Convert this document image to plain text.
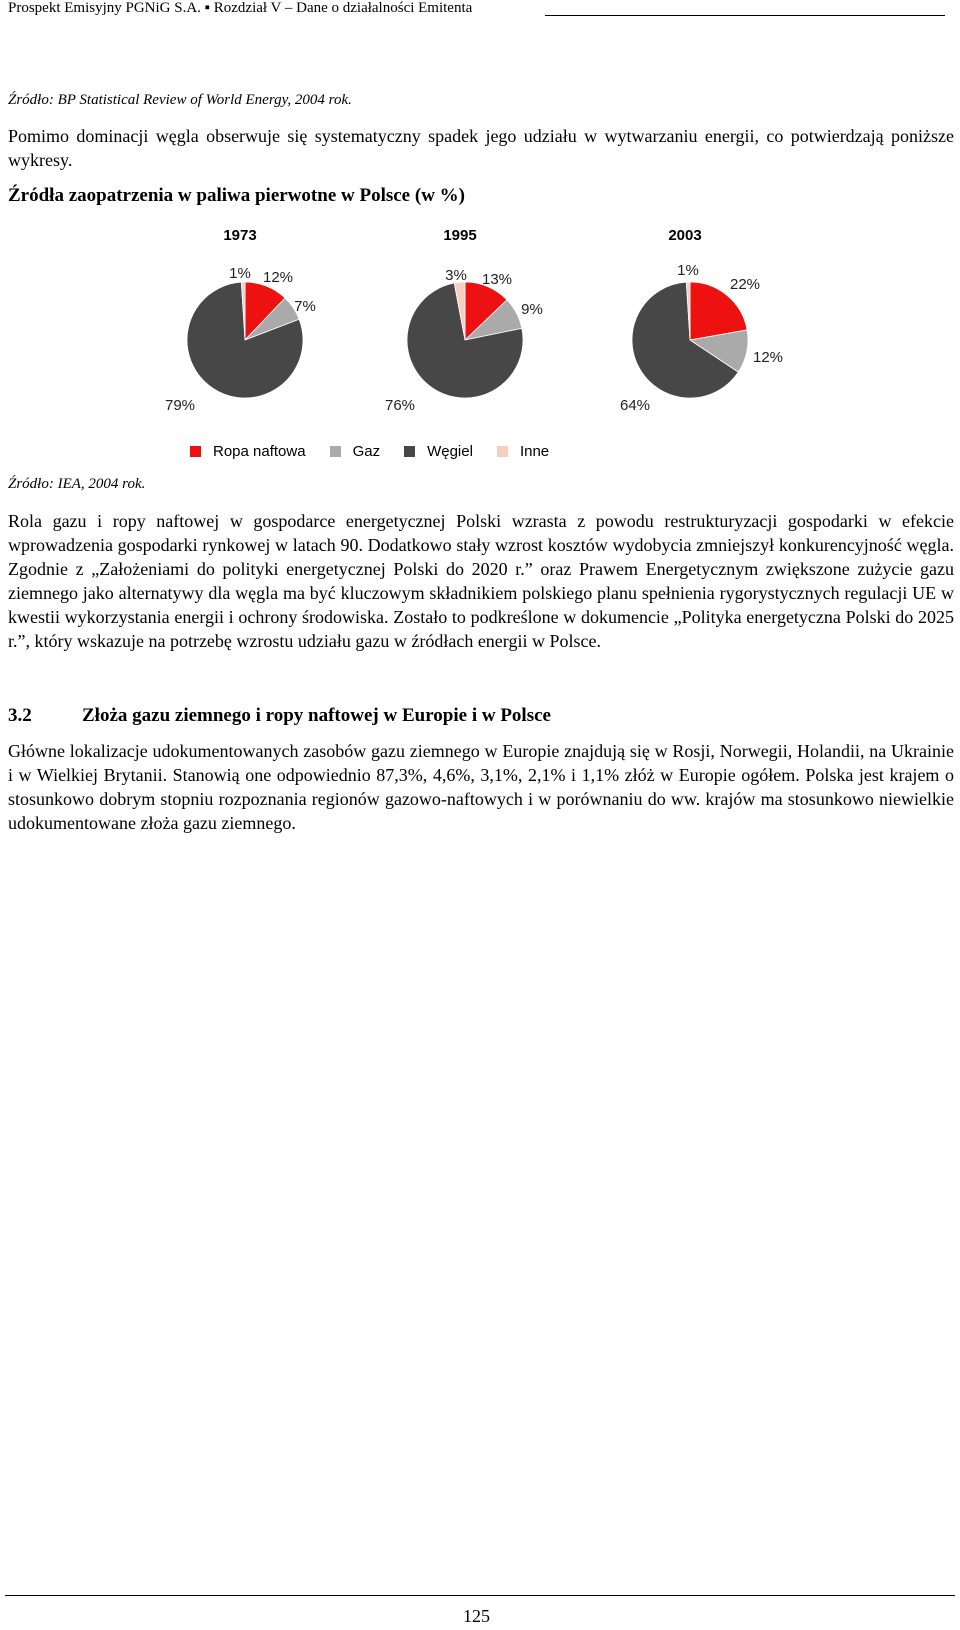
Prospekt Emisyjny PGNiG S.A. ▪ Rozdział V – Dane o działalności Emitenta
Źródło: BP Statistical Review of World Energy, 2004 rok.

Pomimo dominacji węgla obserwuje się systematyczny spadek jego udziału w wytwarzaniu energii, co potwierdzają poniższe wykresy.

Źródła zaopatrzenia w paliwa pierwotne w Polsce (w %)
1973
12%
7%
79%
1%
1995
13%
9%
76%
3%
2003
22%
12%
64%
1%
Ropa naftowa	Gaz	Węgiel	Inne
Źródło: IEA, 2004 rok.

Rola gazu i ropy naftowej w gospodarce energetycznej Polski wzrasta z powodu restrukturyzacji gospodarki w efekcie wprowadzenia gospodarki rynkowej w latach 90. Dodatkowo stały wzrost kosztów wydobycia zmniejszył konkurencyjność węgla. Zgodnie z „Założeniami do polityki energetycznej Polski do 2020 r.” oraz Prawem Energetycznym zwiększone zużycie gazu ziemnego jako alternatywy dla węgla ma być kluczowym składnikiem polskiego planu spełnienia rygorystycznych regulacji UE w kwestii wykorzystania energii i ochrony środowiska. Zostało to podkreślone w dokumencie „Polityka energetyczna Polski do 2025 r.”, który wskazuje na potrzebę wzrostu udziału gazu w źródłach energii w Polsce.

3.2	Złoża gazu ziemnego i ropy naftowej w Europie i w Polsce

Główne lokalizacje udokumentowanych zasobów gazu ziemnego w Europie znajdują się w Rosji, Norwegii, Holandii, na Ukrainie i w Wielkiej Brytanii. Stanowią one odpowiednio 87,3%, 4,6%, 3,1%, 2,1% i 1,1% złóż w Europie ogółem. Polska jest krajem o stosunkowo dobrym stopniu rozpoznania regionów gazowo-naftowych i w porównaniu do ww. krajów ma stosunkowo niewielkie udokumentowane złoża gazu ziemnego.

125
